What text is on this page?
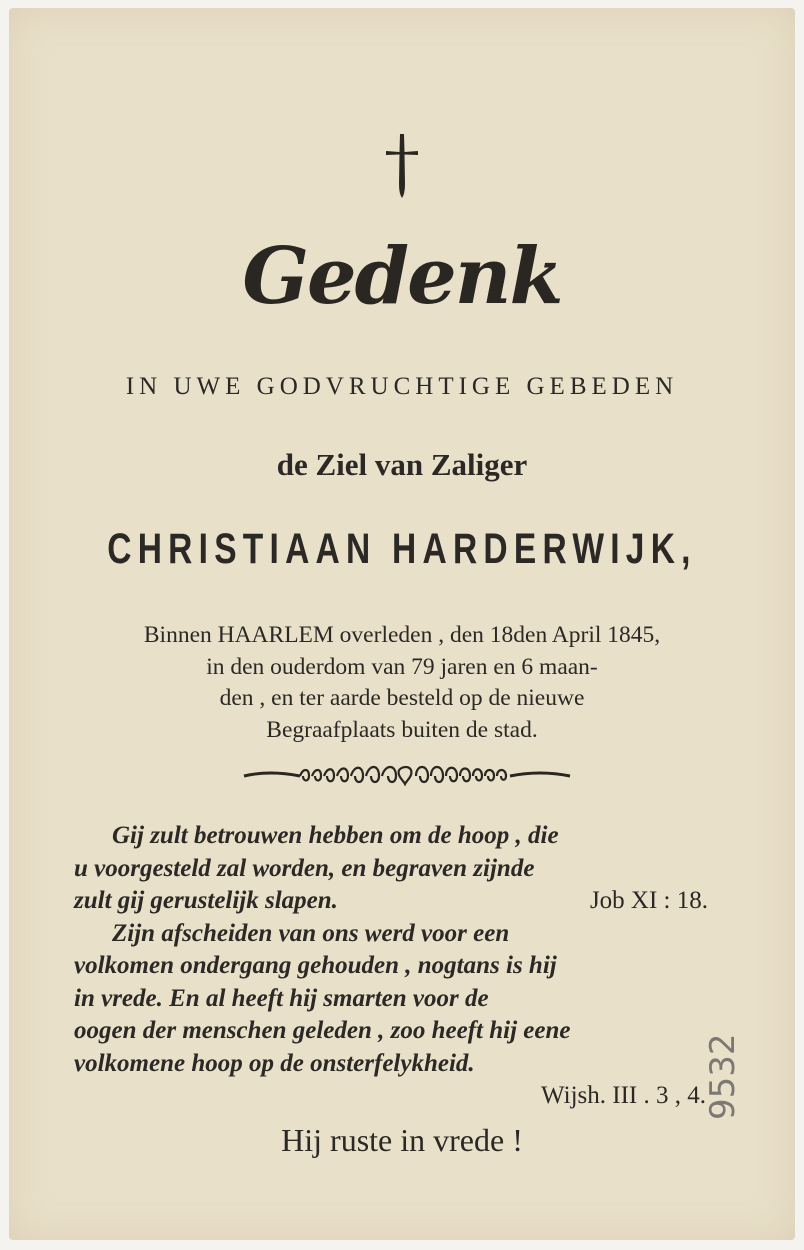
Gedenk
IN UWE GODVRUCHTIGE GEBEDEN
de Ziel van Zaliger
CHRISTIAAN HARDERWIJK,
Binnen HAARLEM overleden , den 18den April 1845,
in den ouderdom van 79 jaren en 6 maan-
den , en ter aarde besteld op de nieuwe
Begraafplaats buiten de stad.
Gij zult betrouwen hebben om de hoop , die
u voorgesteld zal worden, en begraven zijnde
zult gij gerustelijk slapen.	Job XI : 18.
Zijn afscheiden van ons werd voor een
volkomen ondergang gehouden , nogtans is hij
in vrede. En al heeft hij smarten voor de
oogen der menschen geleden , zoo heeft hij eene
volkomene hoop op de onsterfelykheid.
Wijsh. III . 3 , 4.
Hij ruste in vrede !
